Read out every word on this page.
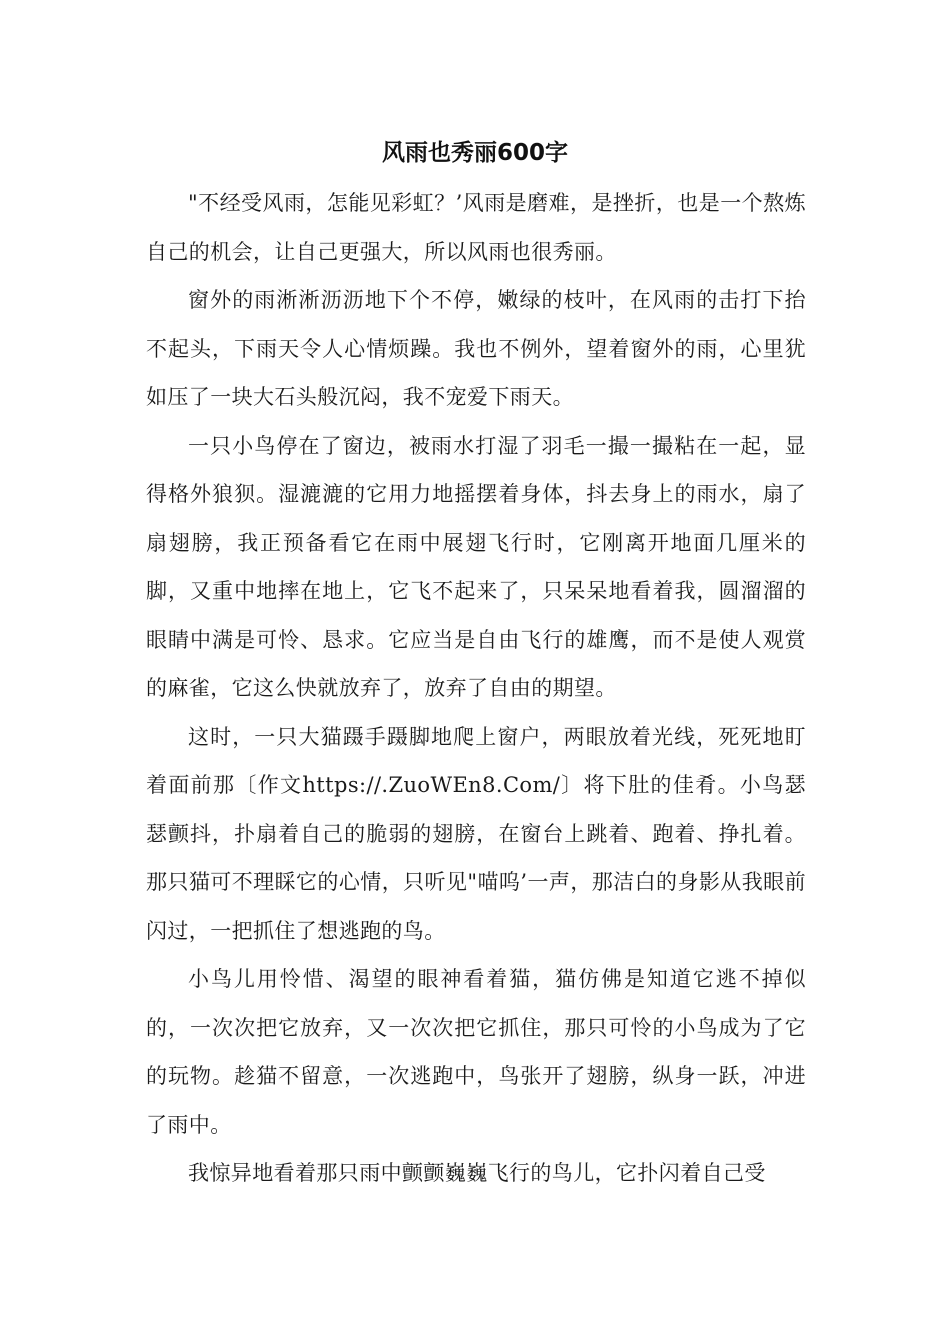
风雨也秀丽600字

"不经受风雨，怎能见彩虹？’风雨是磨难，是挫折，也是一个熬炼自己的机会，让自己更强大，所以风雨也很秀丽。

窗外的雨淅淅沥沥地下个不停，嫩绿的枝叶，在风雨的击打下抬不起头，下雨天令人心情烦躁。我也不例外，望着窗外的雨，心里犹如压了一块大石头般沉闷，我不宠爱下雨天。

一只小鸟停在了窗边，被雨水打湿了羽毛一撮一撮粘在一起，显得格外狼狈。湿漉漉的它用力地摇摆着身体，抖去身上的雨水，扇了扇翅膀，我正预备看它在雨中展翅飞行时，它刚离开地面几厘米的脚，又重中地摔在地上，它飞不起来了，只呆呆地看着我，圆溜溜的眼睛中满是可怜、恳求。它应当是自由飞行的雄鹰，而不是使人观赏的麻雀，它这么快就放弃了，放弃了自由的期望。

这时，一只大猫蹑手蹑脚地爬上窗户，两眼放着光线，死死地盯着面前那〔作文https://.ZuoWEn8.Com/〕将下肚的佳肴。小鸟瑟瑟颤抖，扑扇着自己的脆弱的翅膀，在窗台上跳着、跑着、挣扎着。那只猫可不理睬它的心情，只听见"喵呜’一声，那洁白的身影从我眼前闪过，一把抓住了想逃跑的鸟。

小鸟儿用怜惜、渴望的眼神看着猫，猫仿佛是知道它逃不掉似的，一次次把它放弃，又一次次把它抓住，那只可怜的小鸟成为了它的玩物。趁猫不留意，一次逃跑中，鸟张开了翅膀，纵身一跃，冲进了雨中。

我惊异地看着那只雨中颤颤巍巍飞行的鸟儿，它扑闪着自己受
